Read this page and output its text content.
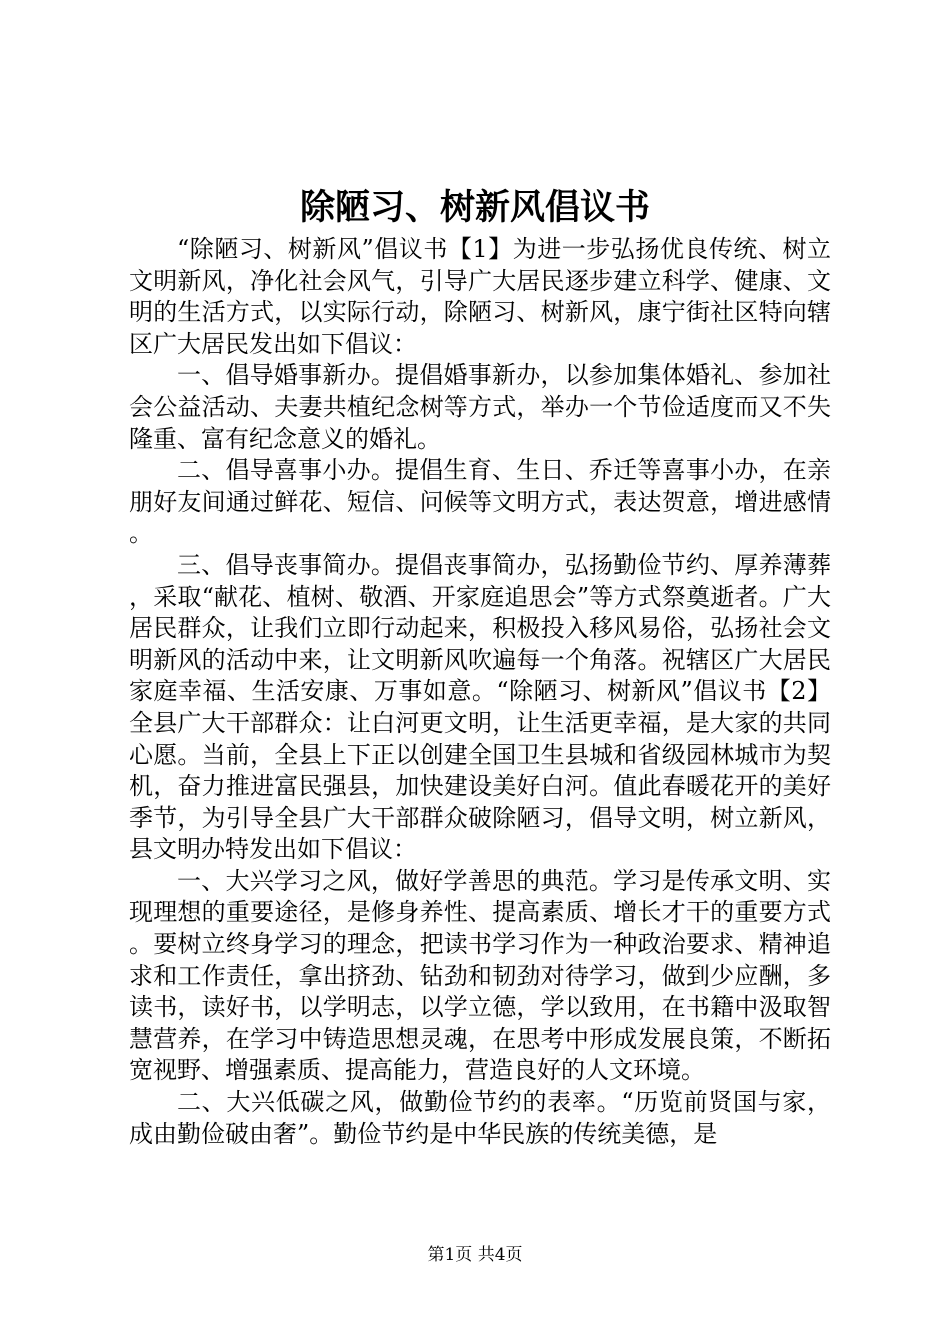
除陋习、树新风倡议书

“除陋习、树新风”倡议书【1】为进一步弘扬优良传统、树立文明新风，净化社会风气，引导广大居民逐步建立科学、健康、文明的生活方式，以实际行动，除陋习、树新风，康宁街社区特向辖区广大居民发出如下倡议：

一、倡导婚事新办。提倡婚事新办，以参加集体婚礼、参加社会公益活动、夫妻共植纪念树等方式，举办一个节俭适度而又不失隆重、富有纪念意义的婚礼。

二、倡导喜事小办。提倡生育、生日、乔迁等喜事小办，在亲朋好友间通过鲜花、短信、问候等文明方式，表达贺意，增进感情。

三、倡导丧事简办。提倡丧事简办，弘扬勤俭节约、厚养薄葬，采取“献花、植树、敬酒、开家庭追思会”等方式祭奠逝者。广大居民群众，让我们立即行动起来，积极投入移风易俗，弘扬社会文明新风的活动中来，让文明新风吹遍每一个角落。祝辖区广大居民家庭幸福、生活安康、万事如意。“除陋习、树新风”倡议书【2】全县广大干部群众：让白河更文明，让生活更幸福，是大家的共同心愿。当前，全县上下正以创建全国卫生县城和省级园林城市为契机，奋力推进富民强县，加快建设美好白河。值此春暖花开的美好季节，为引导全县广大干部群众破除陋习，倡导文明，树立新风，县文明办特发出如下倡议：

一、大兴学习之风，做好学善思的典范。学习是传承文明、实现理想的重要途径，是修身养性、提高素质、增长才干的重要方式。要树立终身学习的理念，把读书学习作为一种政治要求、精神追求和工作责任，拿出挤劲、钻劲和韧劲对待学习，做到少应酬，多读书，读好书，以学明志，以学立德，学以致用，在书籍中汲取智慧营养，在学习中铸造思想灵魂，在思考中形成发展良策，不断拓宽视野、增强素质、提高能力，营造良好的人文环境。

二、大兴低碳之风，做勤俭节约的表率。“历览前贤国与家，成由勤俭破由奢”。勤俭节约是中华民族的传统美德，是

第1页 共4页
